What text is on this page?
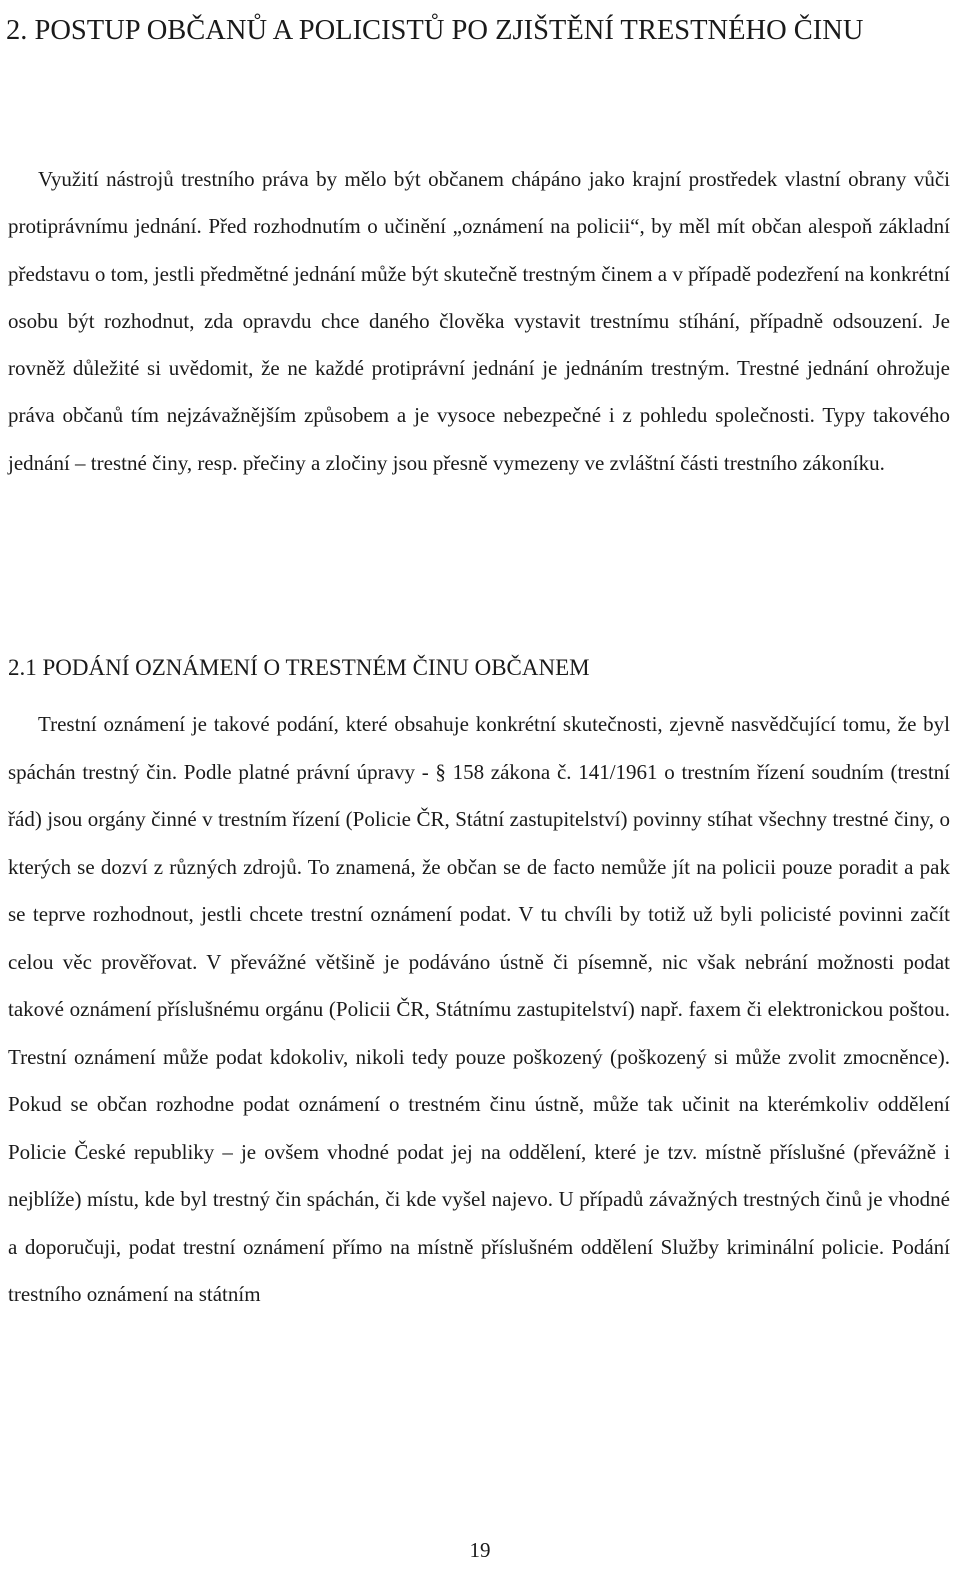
2. POSTUP OBČANŮ A POLICISTŮ PO ZJIŠTĚNÍ TRESTNÉHO ČINU

Využití nástrojů trestního práva by mělo být občanem chápáno jako krajní prostředek vlastní obrany vůči protiprávnímu jednání. Před rozhodnutím o učinění „oznámení na policii“, by měl mít občan alespoň základní představu o tom, jestli předmětné jednání může být skutečně trestným činem a v případě podezření na konkrétní osobu být rozhodnut, zda opravdu chce daného člověka vystavit trestnímu stíhání, případně odsouzení. Je rovněž důležité si uvědomit, že ne každé protiprávní jednání je jednáním trestným. Trestné jednání ohrožuje práva občanů tím nejzávažnějším způsobem a je vysoce nebezpečné i z pohledu společnosti. Typy takového jednání – trestné činy, resp. přečiny a zločiny jsou přesně vymezeny ve zvláštní části trestního zákoníku.

2.1 PODÁNÍ OZNÁMENÍ O TRESTNÉM ČINU OBČANEM

Trestní oznámení je takové podání, které obsahuje konkrétní skutečnosti, zjevně nasvědčující tomu, že byl spáchán trestný čin. Podle platné právní úpravy - § 158 zákona č. 141/1961 o trestním řízení soudním (trestní řád) jsou orgány činné v trestním řízení (Policie ČR, Státní zastupitelství) povinny stíhat všechny trestné činy, o kterých se dozví z různých zdrojů. To znamená, že občan se de facto nemůže jít na policii pouze poradit a pak se teprve rozhodnout, jestli chcete trestní oznámení podat. V tu chvíli by totiž už byli policisté povinni začít celou věc prověřovat. V převážné většině je podáváno ústně či písemně, nic však nebrání možnosti podat takové oznámení příslušnému orgánu (Policii ČR, Státnímu zastupitelství) např. faxem či elektronickou poštou. Trestní oznámení může podat kdokoliv, nikoli tedy pouze poškozený (poškozený si může zvolit zmocněnce). Pokud se občan rozhodne podat oznámení o trestném činu ústně, může tak učinit na kterémkoliv oddělení Policie České republiky – je ovšem vhodné podat jej na oddělení, které je tzv. místně příslušné (převážně i nejblíže) místu, kde byl trestný čin spáchán, či kde vyšel najevo. U případů závažných trestných činů je vhodné a doporučuji, podat trestní oznámení přímo na místně příslušném oddělení Služby kriminální policie. Podání trestního oznámení na státním

19
